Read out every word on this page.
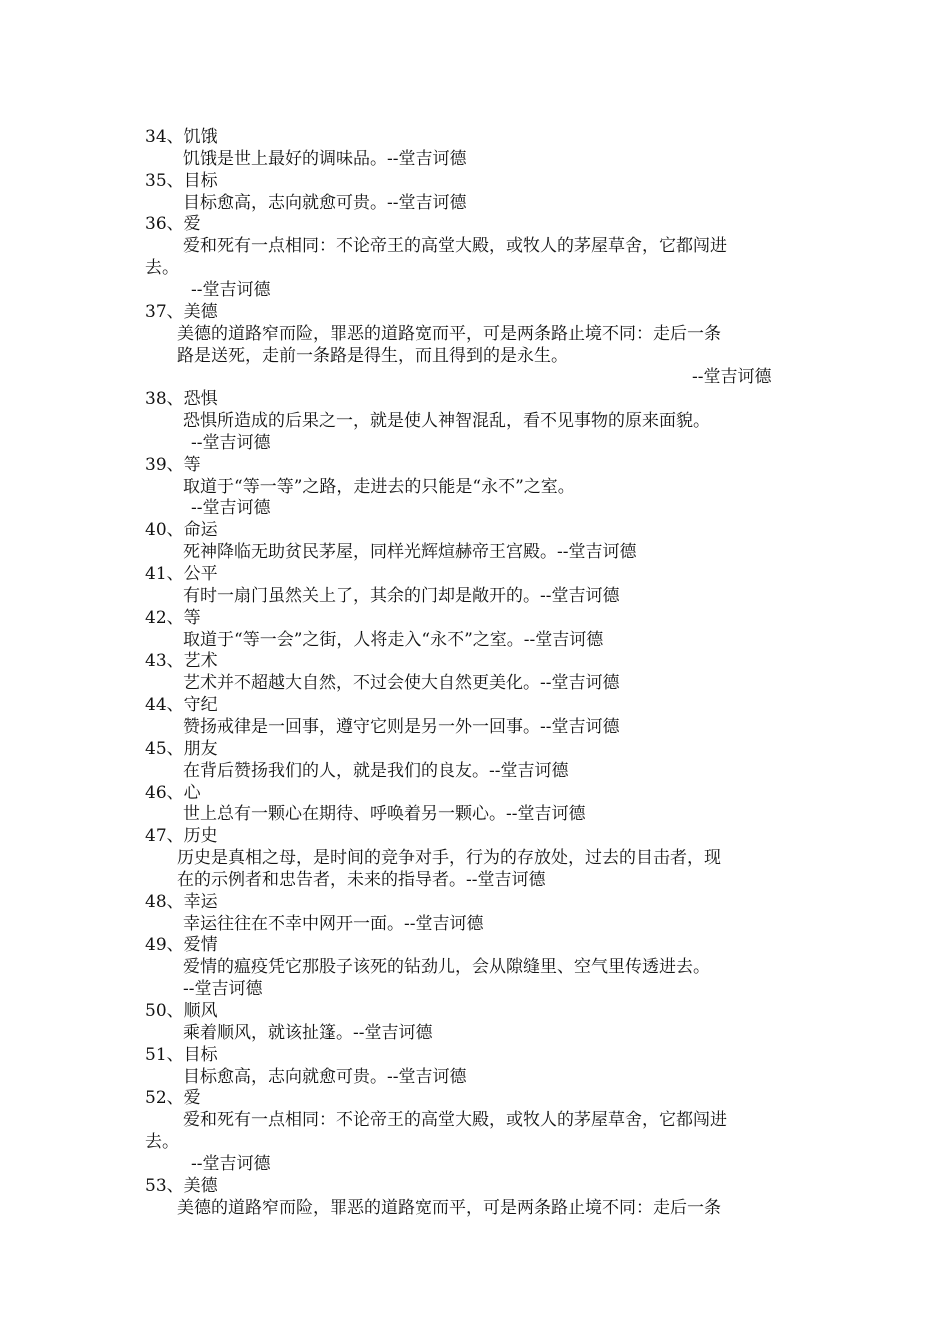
34、饥饿
饥饿是世上最好的调味品。--堂吉诃德
35、目标
目标愈高，志向就愈可贵。--堂吉诃德
36、爱
爱和死有一点相同：不论帝王的高堂大殿，或牧人的茅屋草舍，它都闯进
去。
--堂吉诃德
37、美德
美德的道路窄而险，罪恶的道路宽而平，可是两条路止境不同：走后一条
路是送死，走前一条路是得生，而且得到的是永生。
--堂吉诃德
38、恐惧
恐惧所造成的后果之一，就是使人神智混乱，看不见事物的原来面貌。
--堂吉诃德
39、等
取道于“等一等”之路，走进去的只能是“永不”之室。
--堂吉诃德
40、命运
死神降临无助贫民茅屋，同样光辉煊赫帝王宫殿。--堂吉诃德
41、公平
有时一扇门虽然关上了，其余的门却是敞开的。--堂吉诃德
42、等
取道于“等一会”之街，人将走入“永不”之室。--堂吉诃德
43、艺术
艺术并不超越大自然，不过会使大自然更美化。--堂吉诃德
44、守纪
赞扬戒律是一回事，遵守它则是另一外一回事。--堂吉诃德
45、朋友
在背后赞扬我们的人，就是我们的良友。--堂吉诃德
46、心
世上总有一颗心在期待、呼唤着另一颗心。--堂吉诃德
47、历史
历史是真相之母，是时间的竞争对手，行为的存放处，过去的目击者，现
在的示例者和忠告者，未来的指导者。--堂吉诃德
48、幸运
幸运往往在不幸中网开一面。--堂吉诃德
49、爱情
爱情的瘟疫凭它那股子该死的钻劲儿，会从隙缝里、空气里传透进去。
--堂吉诃德
50、顺风
乘着顺风，就该扯篷。--堂吉诃德
51、目标
目标愈高，志向就愈可贵。--堂吉诃德
52、爱
爱和死有一点相同：不论帝王的高堂大殿，或牧人的茅屋草舍，它都闯进
去。
--堂吉诃德
53、美德
美德的道路窄而险，罪恶的道路宽而平，可是两条路止境不同：走后一条
